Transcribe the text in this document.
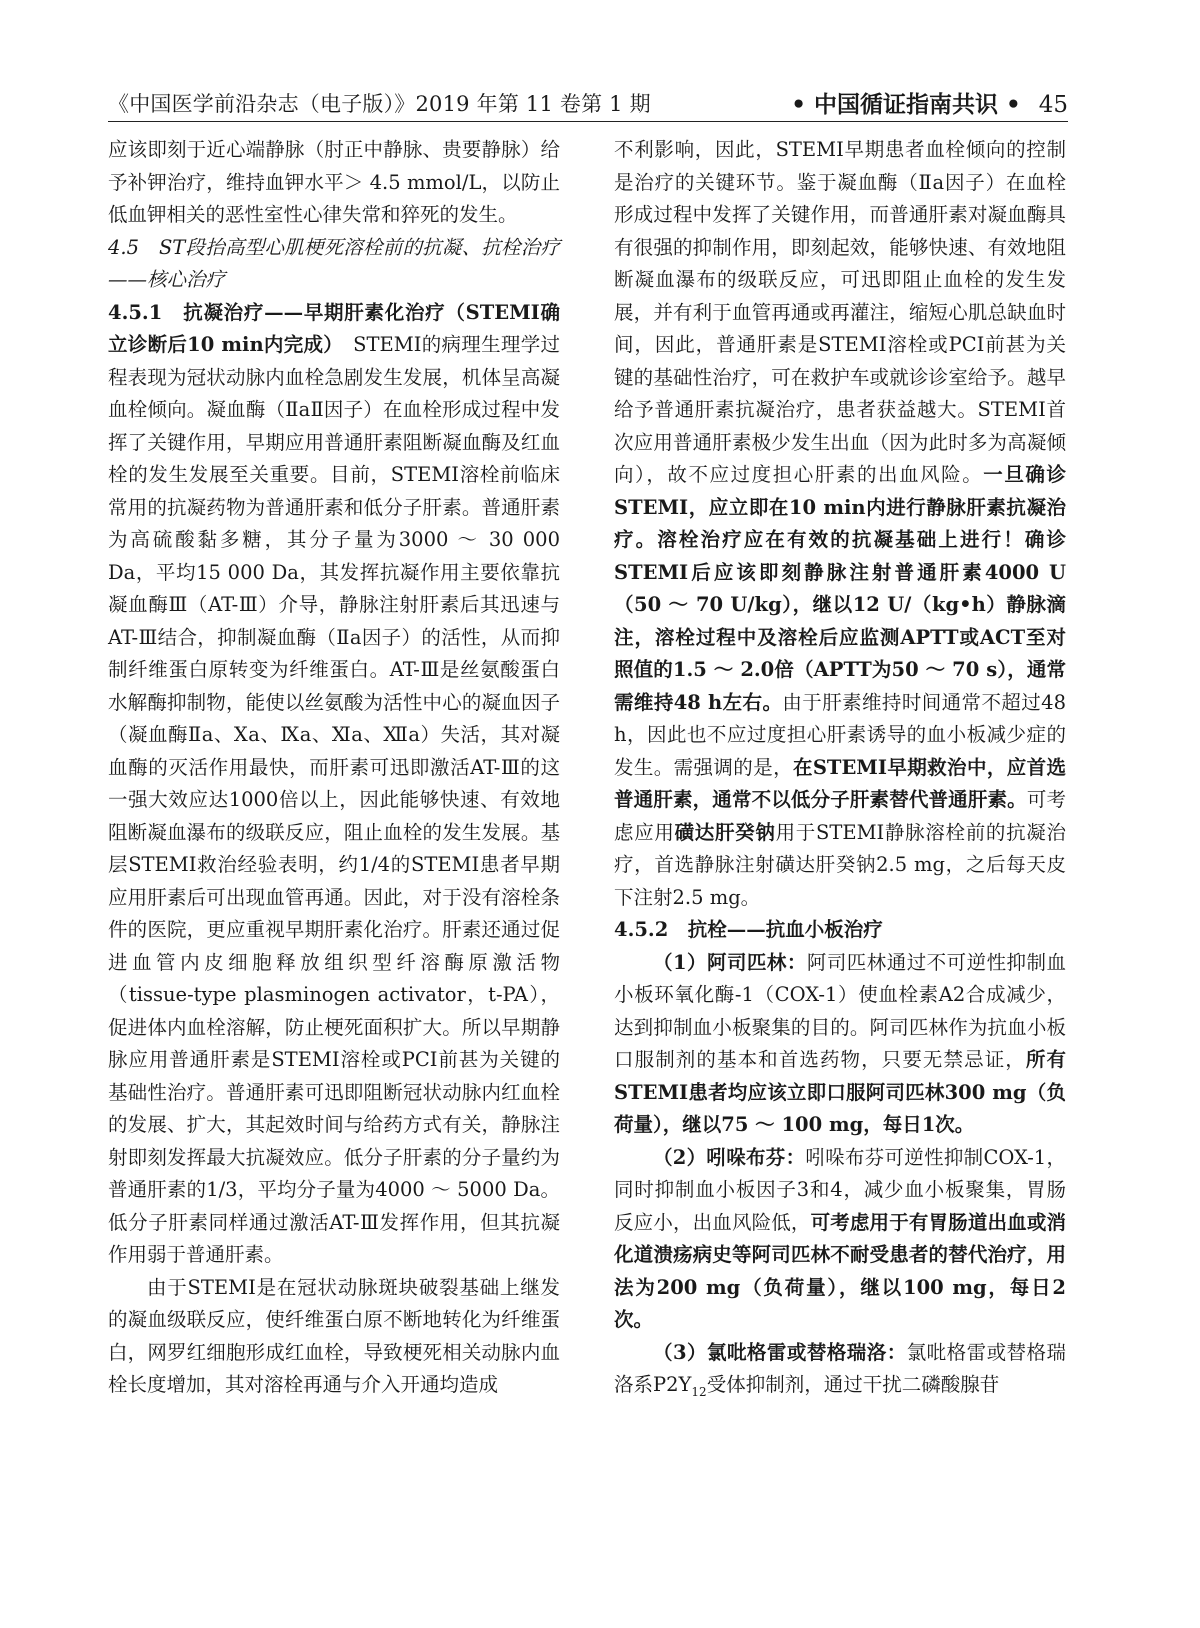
《中国医学前沿杂志（电子版）》2019 年第 11 卷第 1 期	• 中国循证指南共识 • 45

应该即刻于近心端静脉（肘正中静脉、贵要静脉）给予补钾治疗，维持血钾水平＞ 4.5 mmol/L，以防止低血钾相关的恶性室性心律失常和猝死的发生。

4.5　ST段抬高型心肌梗死溶栓前的抗凝、抗栓治疗——核心治疗

4.5.1　抗凝治疗——早期肝素化治疗（STEMI确立诊断后10 min内完成）　STEMI的病理生理学过程表现为冠状动脉内血栓急剧发生发展，机体呈高凝血栓倾向。凝血酶（ⅡaⅡ因子）在血栓形成过程中发挥了关键作用，早期应用普通肝素阻断凝血酶及红血栓的发生发展至关重要。目前，STEMI溶栓前临床常用的抗凝药物为普通肝素和低分子肝素。普通肝素为高硫酸黏多糖，其分子量为3000 ～ 30 000 Da，平均15 000 Da，其发挥抗凝作用主要依靠抗凝血酶Ⅲ（AT-Ⅲ）介导，静脉注射肝素后其迅速与AT-Ⅲ结合，抑制凝血酶（Ⅱa因子）的活性，从而抑制纤维蛋白原转变为纤维蛋白。AT-Ⅲ是丝氨酸蛋白水解酶抑制物，能使以丝氨酸为活性中心的凝血因子（凝血酶Ⅱa、Ⅹa、Ⅸa、Ⅺa、Ⅻa）失活，其对凝血酶的灭活作用最快，而肝素可迅即激活AT-Ⅲ的这一强大效应达1000倍以上，因此能够快速、有效地阻断凝血瀑布的级联反应，阻止血栓的发生发展。基层STEMI救治经验表明，约1/4的STEMI患者早期应用肝素后可出现血管再通。因此，对于没有溶栓条件的医院，更应重视早期肝素化治疗。肝素还通过促进血管内皮细胞释放组织型纤溶酶原激活物（tissue-type plasminogen activator，t-PA），促进体内血栓溶解，防止梗死面积扩大。所以早期静脉应用普通肝素是STEMI溶栓或PCI前甚为关键的基础性治疗。普通肝素可迅即阻断冠状动脉内红血栓的发展、扩大，其起效时间与给药方式有关，静脉注射即刻发挥最大抗凝效应。低分子肝素的分子量约为普通肝素的1/3，平均分子量为4000 ～ 5000 Da。低分子肝素同样通过激活AT-Ⅲ发挥作用，但其抗凝作用弱于普通肝素。

由于STEMI是在冠状动脉斑块破裂基础上继发的凝血级联反应，使纤维蛋白原不断地转化为纤维蛋白，网罗红细胞形成红血栓，导致梗死相关动脉内血栓长度增加，其对溶栓再通与介入开通均造成

不利影响，因此，STEMI早期患者血栓倾向的控制是治疗的关键环节。鉴于凝血酶（Ⅱa因子）在血栓形成过程中发挥了关键作用，而普通肝素对凝血酶具有很强的抑制作用，即刻起效，能够快速、有效地阻断凝血瀑布的级联反应，可迅即阻止血栓的发生发展，并有利于血管再通或再灌注，缩短心肌总缺血时间，因此，普通肝素是STEMI溶栓或PCI前甚为关键的基础性治疗，可在救护车或就诊诊室给予。越早给予普通肝素抗凝治疗，患者获益越大。STEMI首次应用普通肝素极少发生出血（因为此时多为高凝倾向），故不应过度担心肝素的出血风险。一旦确诊STEMI，应立即在10 min内进行静脉肝素抗凝治疗。溶栓治疗应在有效的抗凝基础上进行！确诊STEMI后应该即刻静脉注射普通肝素4000 U（50 ～ 70 U/kg），继以12 U/（kg•h）静脉滴注，溶栓过程中及溶栓后应监测APTT或ACT至对照值的1.5 ～ 2.0倍（APTT为50 ～ 70 s），通常需维持48 h左右。由于肝素维持时间通常不超过48 h，因此也不应过度担心肝素诱导的血小板减少症的发生。需强调的是，在STEMI早期救治中，应首选普通肝素，通常不以低分子肝素替代普通肝素。可考虑应用磺达肝癸钠用于STEMI静脉溶栓前的抗凝治疗，首选静脉注射磺达肝癸钠2.5 mg，之后每天皮下注射2.5 mg。

4.5.2　抗栓——抗血小板治疗

（1）阿司匹林：阿司匹林通过不可逆性抑制血小板环氧化酶-1（COX-1）使血栓素A2合成减少，达到抑制血小板聚集的目的。阿司匹林作为抗血小板口服制剂的基本和首选药物，只要无禁忌证，所有STEMI患者均应该立即口服阿司匹林300 mg（负荷量），继以75 ～ 100 mg，每日1次。

（2）吲哚布芬：吲哚布芬可逆性抑制COX-1，同时抑制血小板因子3和4，减少血小板聚集，胃肠反应小，出血风险低，可考虑用于有胃肠道出血或消化道溃疡病史等阿司匹林不耐受患者的替代治疗，用法为200 mg（负荷量），继以100 mg，每日2次。

（3）氯吡格雷或替格瑞洛：氯吡格雷或替格瑞洛系$P2Y_{12}$受体抑制剂，通过干扰二磷酸腺苷
